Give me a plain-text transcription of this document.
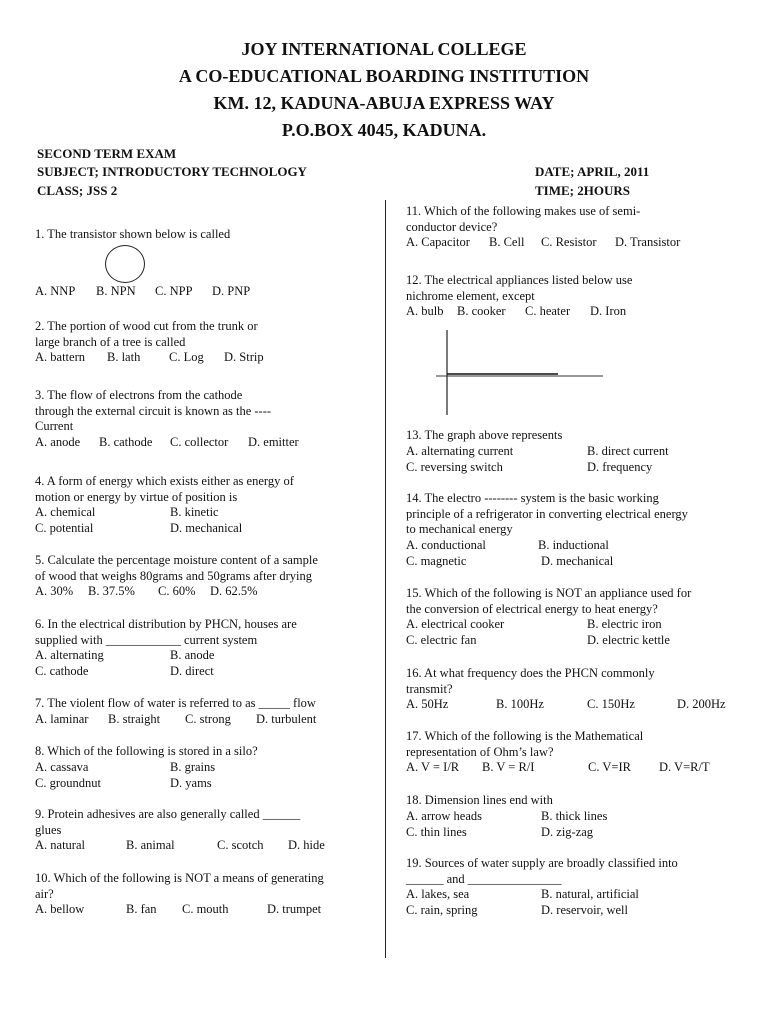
JOY INTERNATIONAL COLLEGE
A CO-EDUCATIONAL BOARDING INSTITUTION
KM. 12, KADUNA-ABUJA EXPRESS WAY
P.O.BOX 4045, KADUNA.
SECOND TERM EXAM
SUBJECT; INTRODUCTORY TECHNOLOGY
CLASS; JSS 2
DATE; APRIL, 2011
TIME; 2HOURS

1. The transistor shown below is called

A. NNP B. NPN C. NPP D. PNP

2. The portion of wood cut from the trunk or

large branch of a tree is called

A. battern B. lath C. Log D. Strip

3. The flow of electrons from the cathode

through the external circuit is known as the ----

Current

A. anode B. cathode C. collector D. emitter

4. A form of energy which exists either as energy of

motion or energy by virtue of position is

A. chemical	B. kinetic
C. potential	D. mechanical

5. Calculate the percentage moisture content of a sample

of wood that weighs 80grams and 50grams after drying

A. 30% B. 37.5% C. 60% D. 62.5%

6. In the electrical distribution by PHCN, houses are

supplied with ____________ current system

A. alternating	B. anode
C. cathode	D. direct

7. The violent flow of water is referred to as _____ flow

A. laminar B. straight C. strong D. turbulent

8. Which of the following is stored in a silo?

A. cassava	B. grains
C. groundnut	D. yams

9. Protein adhesives are also generally called ______

glues

A. natural	B. animal	C. scotch D. hide

10. Which of the following is NOT a means of generating

air?

A. bellow	B. fan C. mouth	D. trumpet

11. Which of the following makes use of semi-

conductor device?

A. Capacitor B. Cell C. Resistor D. Transistor

12. The electrical appliances listed below use

nichrome element, except

A. bulb B. cooker C. heater D. Iron

13. The graph above represents

A. alternating current	B. direct current
C. reversing switch	D. frequency

14. The electro -------- system is the basic working

principle of a refrigerator in converting electrical energy

to mechanical energy

A. conductional	B. inductional
C. magnetic	D. mechanical

15. Which of the following is NOT an appliance used for

the conversion of electrical energy to heat energy?

A. electrical cooker	B. electric iron
C. electric fan	D. electric kettle

16. At what frequency does the PHCN commonly

transmit?

A. 50Hz	B. 100Hz	C. 150Hz	D. 200Hz

17. Which of the following is the Mathematical

representation of Ohm’s law?

A. V = I/R B. V = R/I	C. V=IR D. V=R/T

18. Dimension lines end with

A. arrow heads	B. thick lines
C. thin lines	D. zig-zag

19. Sources of water supply are broadly classified into

______ and _______________

A. lakes, sea	B. natural, artificial
C. rain, spring	D. reservoir, well
